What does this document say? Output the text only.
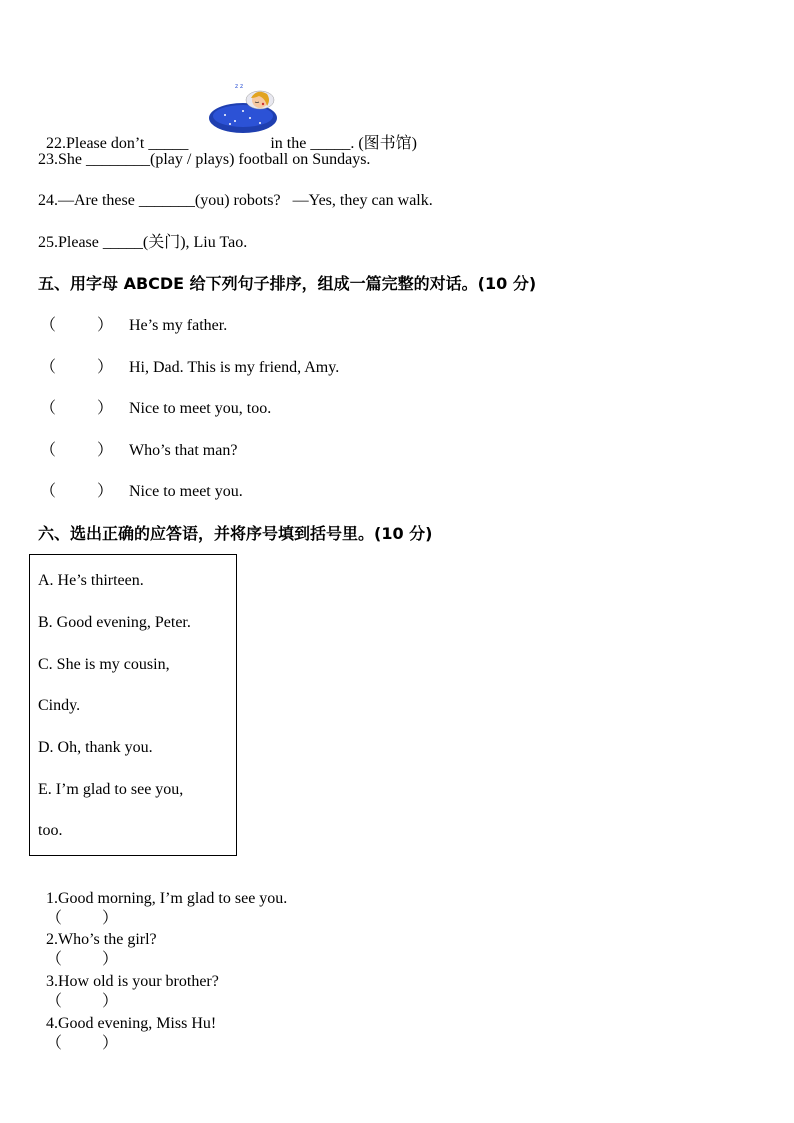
22.Please don’t _____	in the _____. (图书馆)

z z
23.She ________(play / plays) football on Sundays.
24.—Are these _______(you) robots?   —Yes, they can walk.
25.Please _____(关门), Liu Tao.
五、用字母 ABCDE 给下列句子排序，组成一篇完整的对话。(10 分)
（	） He’s my father.
（	） Hi, Dad. This is my friend, Amy.
（	） Nice to meet you, too.
（	） Who’s that man?
（	） Nice to meet you.
六、选出正确的应答语，并将序号填到括号里。(10 分)
A. He’s thirteen.
B. Good evening, Peter.
C. She is my cousin,
Cindy.
D. Oh, thank you.
E. I’m glad to see you,
too.

1.Good morning, I’m glad to see you.
（          ）

2.Who’s the girl?
（          ）

3.How old is your brother?
（          ）

4.Good evening, Miss Hu!
（          ）
